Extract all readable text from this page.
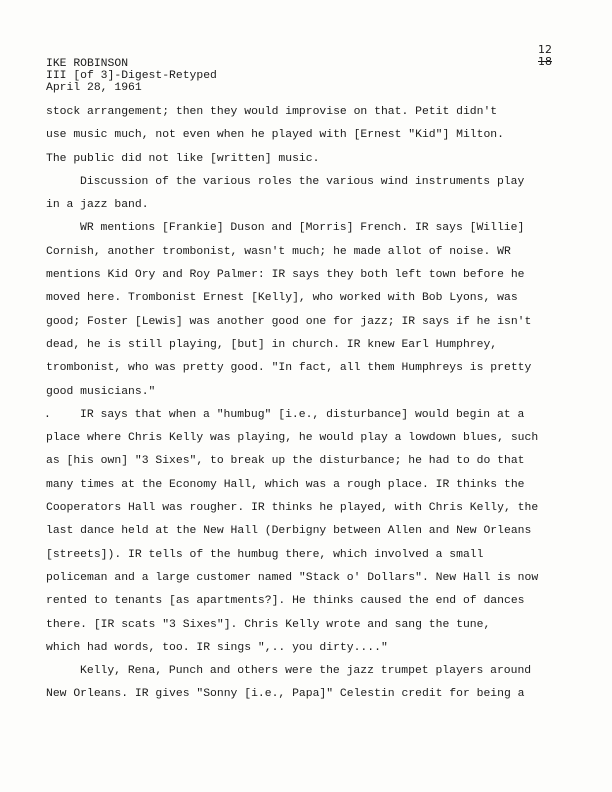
IKE ROBINSON
III [of 3]-Digest-Retyped
April 28, 1961
12
18
stock arrangement; then they would improvise on that. Petit didn't
use music much, not even when he played with [Ernest "Kid"] Milton.
The public did not like [written] music.
Discussion of the various roles the various wind instruments play
in a jazz band.
WR mentions [Frankie] Duson and [Morris] French. IR says [Willie]
Cornish, another trombonist, wasn't much; he made allot of noise. WR
mentions Kid Ory and Roy Palmer: IR says they both left town before he
moved here. Trombonist Ernest [Kelly], who worked with Bob Lyons, was
good; Foster [Lewis] was another good one for jazz; IR says if he isn't
dead, he is still playing, [but] in church. IR knew Earl Humphrey,
trombonist, who was pretty good. "In fact, all them Humphreys is pretty
good musicians."
.	IR says that when a "humbug" [i.e., disturbance] would begin at a
place where Chris Kelly was playing, he would play a lowdown blues, such
as [his own] "3 Sixes", to break up the disturbance; he had to do that
many times at the Economy Hall, which was a rough place. IR thinks the
Cooperators Hall was rougher. IR thinks he played, with Chris Kelly, the
last dance held at the New Hall (Derbigny between Allen and New Orleans
[streets]). IR tells of the humbug there, which involved a small
policeman and a large customer named "Stack o' Dollars". New Hall is now
rented to tenants [as apartments?]. He thinks caused the end of dances
there. [IR scats "3 Sixes"]. Chris Kelly wrote and sang the tune,
which had words, too. IR sings ",.. you dirty...."
Kelly, Rena, Punch and others were the jazz trumpet players around
New Orleans. IR gives "Sonny [i.e., Papa]" Celestin credit for being a
